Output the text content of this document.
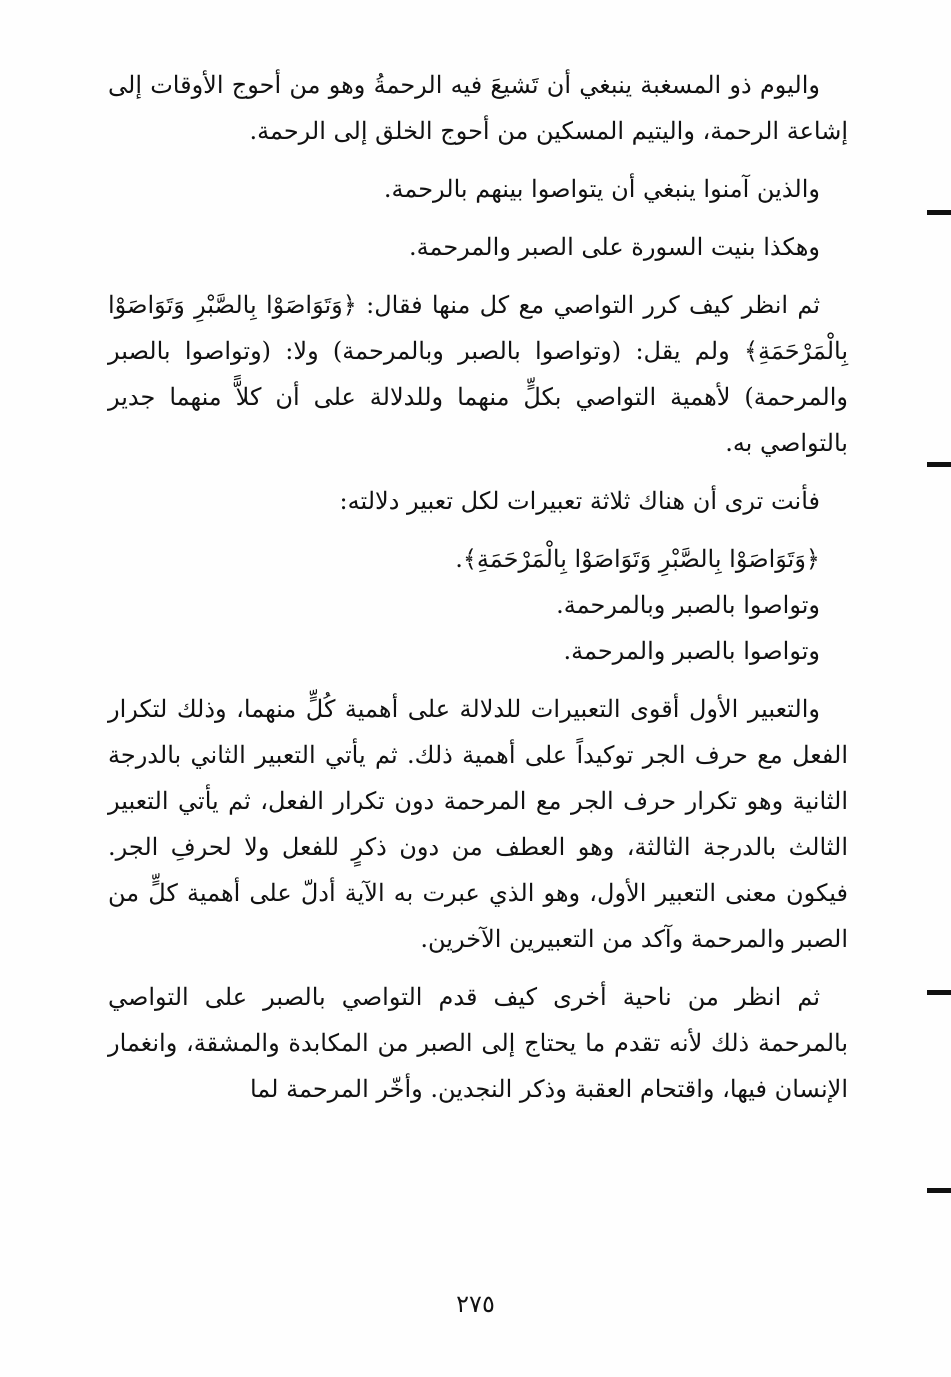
واليوم ذو المسغبة ينبغي أن تَشيعَ فيه الرحمةُ وهو من أحوج الأوقات إلى إشاعة الرحمة، واليتيم المسكين من أحوج الخلق إلى الرحمة.

والذين آمنوا ينبغي أن يتواصوا بينهم بالرحمة.

وهكذا بنيت السورة على الصبر والمرحمة.

ثم انظر كيف كرر التواصي مع كل منها فقال: ﴿وَتَوَاصَوْا بِالصَّبْرِ وَتَوَاصَوْا بِالْمَرْحَمَةِ﴾ ولم يقل: (وتواصوا بالصبر وبالمرحمة) ولا: (وتواصوا بالصبر والمرحمة) لأهمية التواصي بكلٍّ منهما وللدلالة على أن كلاًّ منهما جدير بالتواصي به.

فأنت ترى أن هناك ثلاثة تعبيرات لكل تعبير دلالته:

﴿وَتَوَاصَوْا بِالصَّبْرِ وَتَوَاصَوْا بِالْمَرْحَمَةِ﴾.
وتواصوا بالصبر وبالمرحمة.
وتواصوا بالصبر والمرحمة.

والتعبير الأول أقوى التعبيرات للدلالة على أهمية كُلٍّ منهما، وذلك لتكرار الفعل مع حرف الجر توكيداً على أهمية ذلك. ثم يأتي التعبير الثاني بالدرجة الثانية وهو تكرار حرف الجر مع المرحمة دون تكرار الفعل، ثم يأتي التعبير الثالث بالدرجة الثالثة، وهو العطف من دون ذكرٍ للفعل ولا لحرفِ الجر. فيكون معنى التعبير الأول، وهو الذي عبرت به الآية أدلّ على أهمية كلٍّ من الصبر والمرحمة وآكد من التعبيرين الآخرين.

ثم انظر من ناحية أخرى كيف قدم التواصي بالصبر على التواصي بالمرحمة ذلك لأنه تقدم ما يحتاج إلى الصبر من المكابدة والمشقة، وانغمار الإنسان فيها، واقتحام العقبة وذكر النجدين. وأخّر المرحمة لما

٢٧٥
